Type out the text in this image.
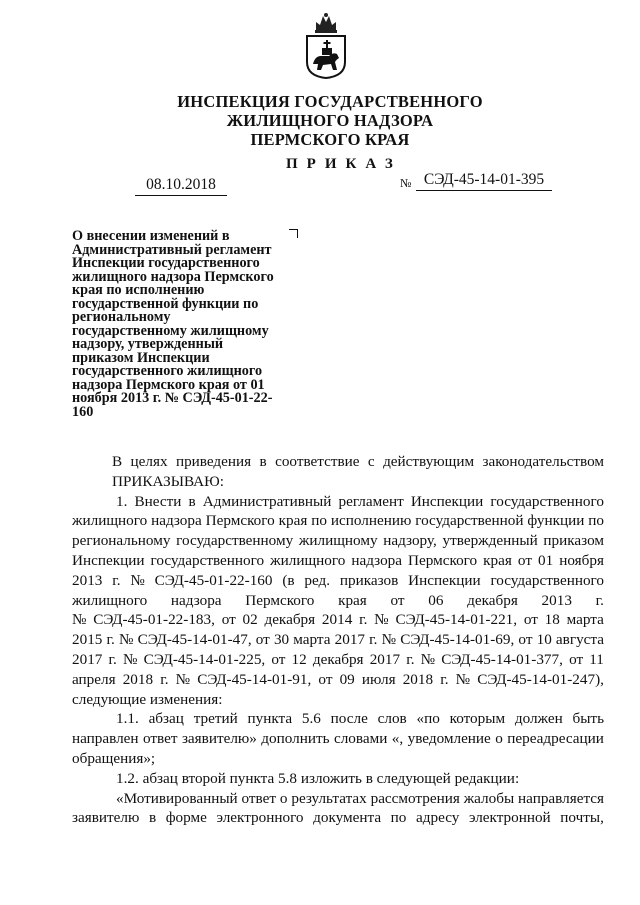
ИНСПЕКЦИЯ ГОСУДАРСТВЕННОГО
ЖИЛИЩНОГО НАДЗОРА
ПЕРМСКОГО КРАЯ
ПРИКАЗ
08.10.2018	№ СЭД-45-14-01-395
О внесении изменений в
Административный регламент
Инспекции государственного
жилищного надзора Пермского
края по исполнению
государственной функции по
региональному
государственному жилищному
надзору, утвержденный
приказом Инспекции
государственного жилищного
надзора Пермского края от 01
ноября 2013 г. № СЭД-45-01-22-
160
В целях приведения в соответствие с действующим законодательством
ПРИКАЗЫВАЮ:
1. Внести в Административный регламент Инспекции государственного
жилищного надзора Пермского края по исполнению государственной функции по
региональному государственному жилищному надзору, утвержденный приказом
Инспекции государственного жилищного надзора Пермского края от 01 ноября
2013 г. № СЭД-45-01-22-160 (в ред. приказов Инспекции государственного
жилищного надзора Пермского края от 06 декабря 2013 г.
№ СЭД-45-01-22-183, от 02 декабря 2014 г. № СЭД-45-14-01-221, от 18 марта
2015 г. № СЭД-45-14-01-47, от 30 марта 2017 г. № СЭД-45-14-01-69, от 10 августа
2017 г. № СЭД-45-14-01-225, от 12 декабря 2017 г. № СЭД-45-14-01-377, от 11
апреля 2018 г. № СЭД-45-14-01-91, от 09 июля 2018 г. № СЭД-45-14-01-247),
следующие изменения:
1.1. абзац третий пункта 5.6 после слов «по которым должен быть
направлен ответ заявителю» дополнить словами «, уведомление о переадресации
обращения»;
1.2. абзац второй пункта 5.8 изложить в следующей редакции:
«Мотивированный ответ о результатах рассмотрения жалобы направляется
заявителю в форме электронного документа по адресу электронной почты,
